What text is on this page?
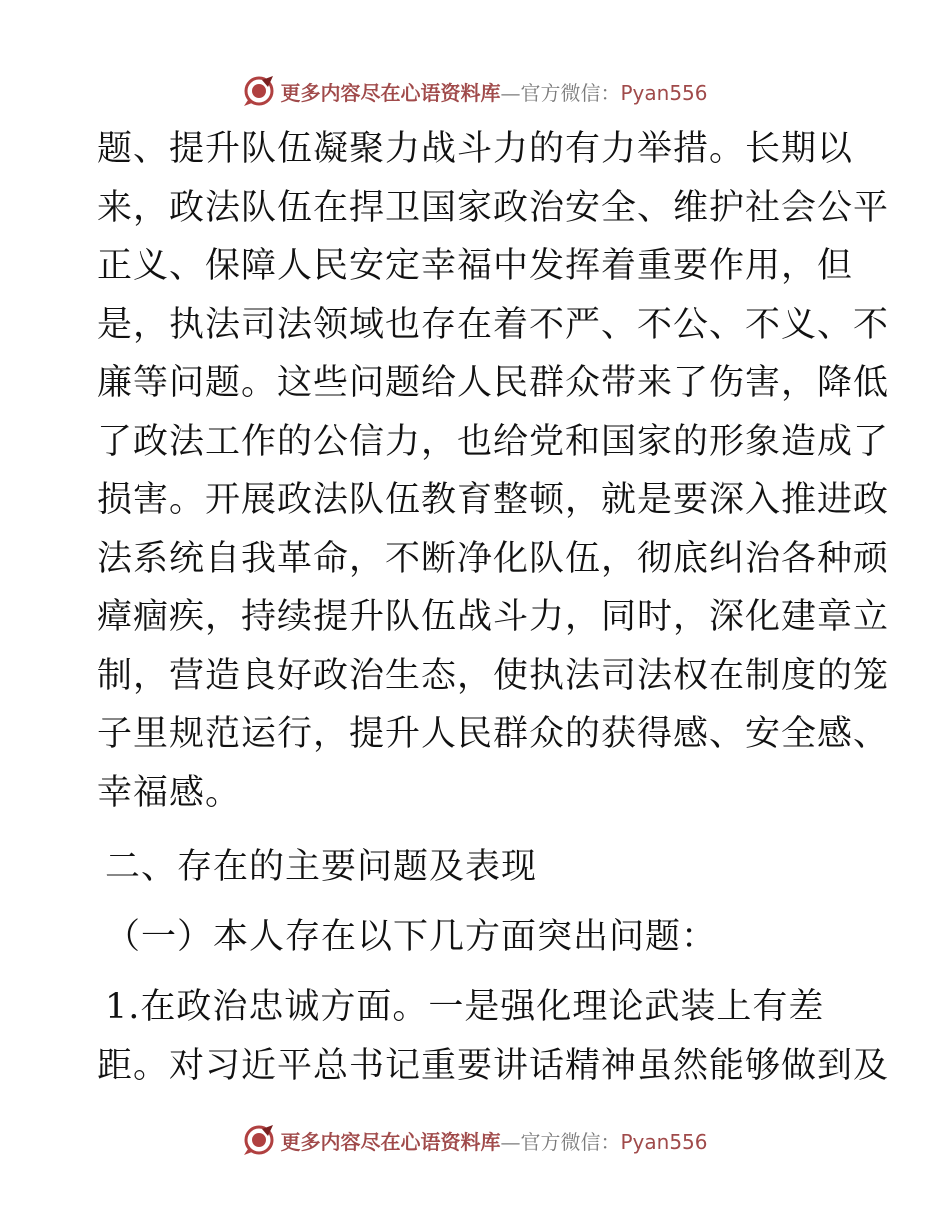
更多内容尽在心语资料库—官方微信：Pyan556
题、提升队伍凝聚力战斗力的有力举措。长期以
来，政法队伍在捍卫国家政治安全、维护社会公平
正义、保障人民安定幸福中发挥着重要作用，但
是，执法司法领域也存在着不严、不公、不义、不
廉等问题。这些问题给人民群众带来了伤害，降低
了政法工作的公信力，也给党和国家的形象造成了
损害。开展政法队伍教育整顿，就是要深入推进政
法系统自我革命，不断净化队伍，彻底纠治各种顽
瘴痼疾，持续提升队伍战斗力，同时，深化建章立
制，营造良好政治生态，使执法司法权在制度的笼
子里规范运行，提升人民群众的获得感、安全感、
幸福感。
二、存在的主要问题及表现
（一）本人存在以下几方面突出问题：
1.在政治忠诚方面。一是强化理论武装上有差
距。对习近平总书记重要讲话精神虽然能够做到及
更多内容尽在心语资料库—官方微信：Pyan556
